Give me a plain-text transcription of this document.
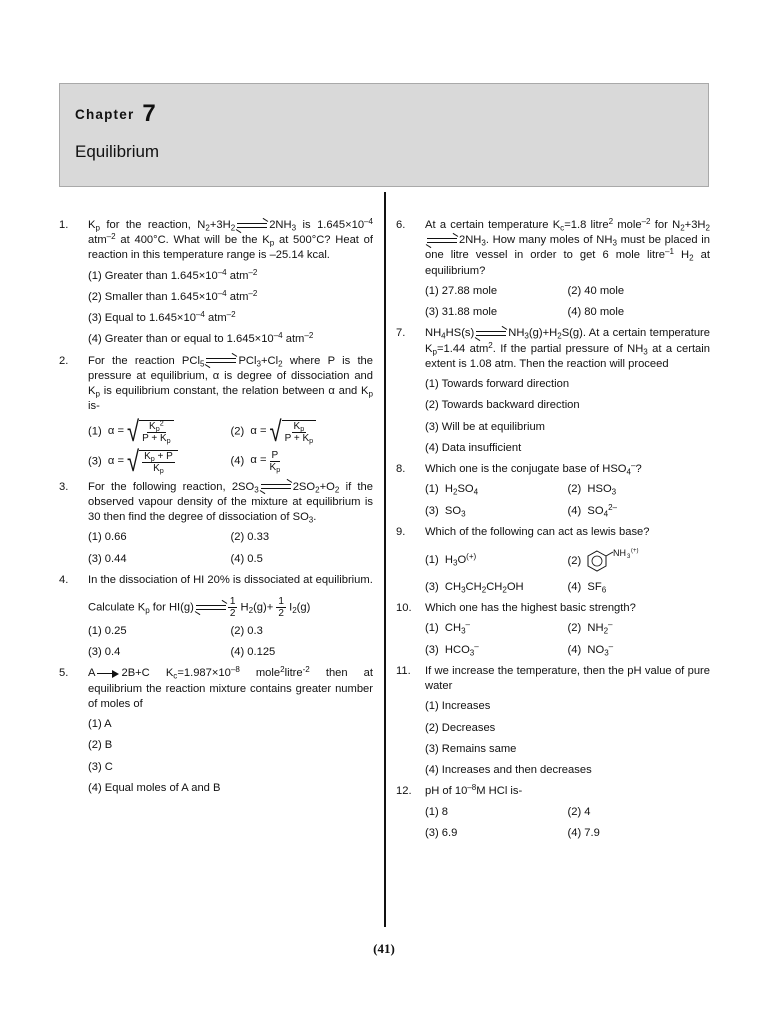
Chapter 7
Equilibrium
1. $K_p$ for the reaction, $N_2+3H_2$	$2NH_3$ is $1.645\times 10^{-4}$ atm$^{-2}$ at 400°C. What will be the $K_p$ at 500°C? Heat of reaction in this temperature range is –25.14 kcal.
(1) Greater than $1.645\times 10^{-4}$ atm$^{-2}$
(2) Smaller than $1.645\times 10^{-4}$ atm$^{-2}$
(3) Equal to $1.645\times 10^{-4}$ atm$^{-2}$
(4) Greater than or equal to $1.645\times 10^{-4}$ atm$^{-2}$
2. For the reaction PCl$_5$	$PCl_3+Cl_2$ where P is the pressure at equilibrium, α is degree of dissociation and $K_p$ is equilibrium constant, the relation between α and $K_p$ is-
(1) α = √ $\frac{K_p^2}{P + K_p}$	(2) α = √ $\frac{K_p}{P + K_p}$
(3) α = √ $\frac{K_p + P}{K_p}$	(4) $\alpha = \frac{P}{K_p}$
3. For the following reaction, $2SO_3$	$2SO_2+O_2$ if the observed vapour density of the mixture at equilibrium is 30 then find the degree of dissociation of $SO_3$.
(1) 0.66	(2) 0.33
(3) 0.44	(4) 0.5
4. In the dissociation of HI 20% is dissociated at equilibrium.
Calculate $K_p$ for HI(g)	$\frac{1}{2} H_2(g)+ \frac{1}{2} I_2(g)$
(1) 0.25	(2) 0.3
(3) 0.4	(4) 0.125
5. A 2B+C $K_c=1.987\times 10^{-8}$ mole$^2$litre$^{-2}$ then at equilibrium the reaction mixture contains greater number of moles of
(1) A
(2) B
(3) C
(4) Equal moles of A and B
6. At a certain temperature $K_c=1.8$ litre$^2$ mole$^{-2}$ for $N_2+3H_2$
$2NH_3$. How many moles of $NH_3$ must be placed in one litre vessel in order to get 6 mole litre$^{-1}$ $H_2$ at equilibrium?
(1) 27.88 mole	(2) 40 mole
(3) 31.88 mole	(4) 80 mole
7. $NH_4HS(s)$	$NH_3(g)+H_2S(g)$. At a certain temperature $K_p=1.44$ atm$^2$. If the partial pressure of $NH_3$ at a certain extent is 1.08 atm. Then the reaction will proceed
(1) Towards forward direction
(2) Towards backward direction
(3) Will be at equilibrium
(4) Data insufficient
8. Which one is the conjugate base of $HSO_4^-$?
(1)  $H_2SO_4$	(2)  $HSO_3$
(3)  $SO_3$	(4)  $SO_4^{2-}$
9. Which of the following can act as lewis base?
(1)  $H_3O^{(+)}$	(2)
NH 3
(+)
(3)  $CH_3CH_2CH_2OH$	(4)  $SF_6$
10. Which one has the highest basic strength?
(1)  $CH_3^-$	(2)  $NH_2^-$
(3)  $HCO_3^-$	(4)  $NO_3^-$
11. If we increase the temperature, then the pH value of pure water
(1) Increases
(2) Decreases
(3) Remains same
(4) Increases and then decreases
12. pH of $10^{-8}M$ HCl is-
(1) 8	(2) 4
(3) 6.9	(4) 7.9
(41)
